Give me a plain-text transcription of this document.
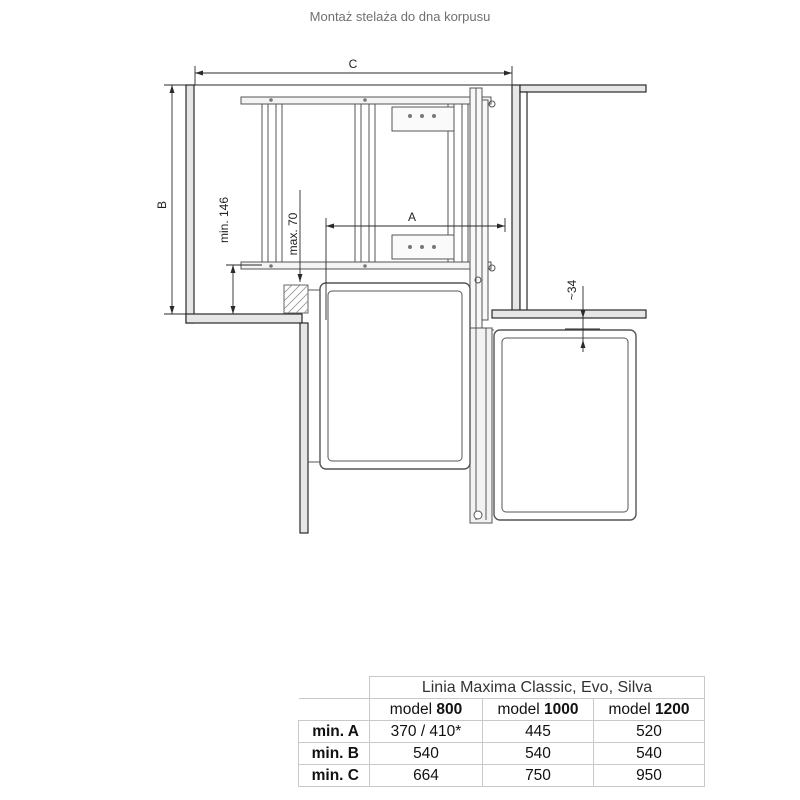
Montaż stelaża do dna korpusu
C
B
A
min. 146	max. 70
~34
	Linia Maxima Classic, Evo, Silva		
	model 800	model 1000	model 1200
min. A	370 / 410*	445	520
min. B	540	540	540
min. C	664	750	950
